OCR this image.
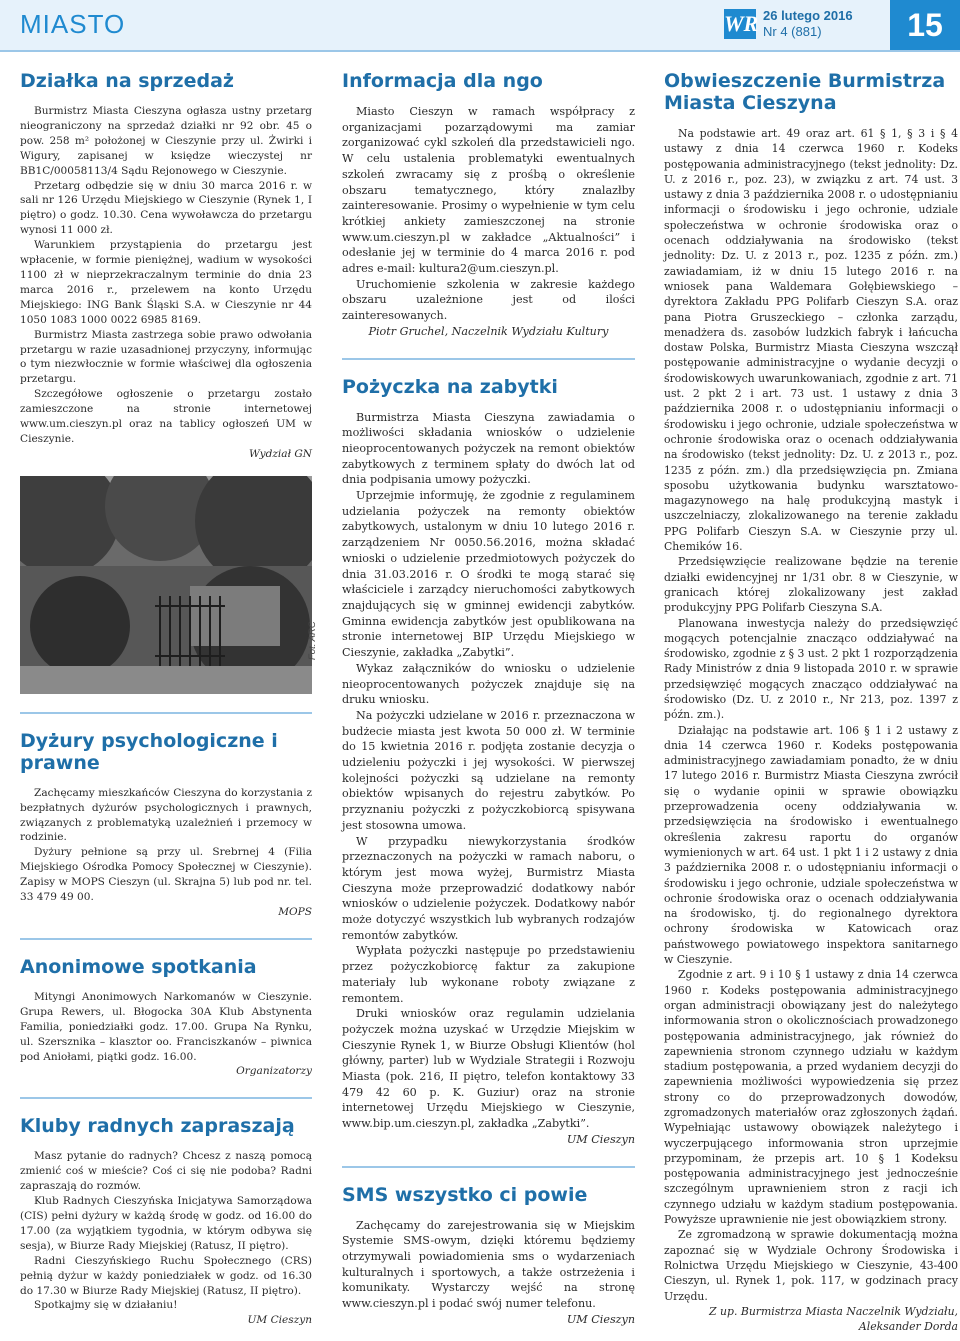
MIASTO	WR 26 lutego 2016
Nr 4 (881)	15
Działka na sprzedaż

Burmistrz Miasta Cieszyna ogłasza ustny przetarg nieograniczony na sprzedaż działki nr 92 obr. 45 o pow. 258 m² położonej w Cieszynie przy ul. Żwirki i Wigury, zapisanej w księdze wieczystej nr BB1C/00058113/4 Sądu Rejonowego w Cieszynie.

Przetarg odbędzie się w dniu 30 marca 2016 r. w sali nr 126 Urzędu Miejskiego w Cieszynie (Rynek 1, I piętro) o godz. 10.30. Cena wywoławcza do przetargu wynosi 11 000 zł.

Warunkiem przystąpienia do przetargu jest wpłacenie, w formie pieniężnej, wadium w wysokości 1100 zł w nieprzekraczalnym terminie do dnia 23 marca 2016 r., przelewem na konto Urzędu Miejskiego: ING Bank Śląski S.A. w Cieszynie nr 44 1050 1083 1000 0022 6985 8169.

Burmistrz Miasta zastrzega sobie prawo odwołania przetargu w razie uzasadnionej przyczyny, informując o tym niezwłocznie w formie właściwej dla ogłoszenia przetargu.

Szczegółowe ogłoszenie o przetargu zostało zamieszczone na stronie internetowej www.um.cieszyn.pl oraz na tablicy ogłoszeń UM w Cieszynie.

Wydział GN

Dyżury psychologiczne i prawne

Zachęcamy mieszkańców Cieszyna do korzystania z bezpłatnych dyżurów psychologicznych i prawnych, związanych z problematyką uzależnień i przemocy w rodzinie.

Dyżury pełnione są przy ul. Srebrnej 4 (Filia Miejskiego Ośrodka Pomocy Społecznej w Cieszynie). Zapisy w MOPS Cieszyn (ul. Skrajna 5) lub pod nr. tel. 33 479 49 00.

MOPS

Anonimowe spotkania

Mityngi Anonimowych Narkomanów w Cieszynie. Grupa Rewers, ul. Błogocka 30A Klub Abstynenta Familia, poniedziałki godz. 17.00. Grupa Na Rynku, ul. Szersznika – klasztor oo. Franciszkanów – piwnica pod Aniołami, piątki godz. 16.00.

Organizatorzy

Kluby radnych zapraszają

Masz pytanie do radnych? Chcesz z naszą pomocą zmienić coś w mieście? Coś ci się nie podoba? Radni zapraszają do rozmów.

Klub Radnych Cieszyńska Inicjatywa Samorządowa (CIS) pełni dyżury w każdą środę w godz. od 16.00 do 17.00 (za wyjątkiem tygodnia, w którym odbywa się sesja), w Biurze Rady Miejskiej (Ratusz, II piętro).

Radni Cieszyńskiego Ruchu Społecznego (CRS) pełnią dyżur w każdy poniedziałek w godz. od 16.30 do 17.30 w Biurze Rady Miejskiej (Ratusz, II piętro).

Spotkajmy się w działaniu!

UM Cieszyn

Fot. ARC
Informacja dla ngo

Miasto Cieszyn w ramach współpracy z organizacjami pozarządowymi ma zamiar zorganizować cykl szkoleń dla przedstawicieli ngo. W celu ustalenia problematyki ewentualnych szkoleń zwracamy się z prośbą o określenie obszaru tematycznego, który znalazłby zainteresowanie. Prosimy o wypełnienie w tym celu krótkiej ankiety zamieszczonej na stronie www.um.cieszyn.pl w zakładce „Aktualności” i odesłanie jej w terminie do 4 marca 2016 r. pod adres e-mail: kultura2@um.cieszyn.pl.

Uruchomienie szkolenia w zakresie każdego obszaru uzależnione jest od ilości zainteresowanych.

Piotr Gruchel, Naczelnik Wydziału Kultury

Pożyczka na zabytki

Burmistrza Miasta Cieszyna zawiadamia o możliwości składania wniosków o udzielenie nieoprocentowanych pożyczek na remont obiektów zabytkowych z terminem spłaty do dwóch lat od dnia podpisania umowy pożyczki.

Uprzejmie informuję, że zgodnie z regulaminem udzielania pożyczek na remonty obiektów zabytkowych, ustalonym w dniu 10 lutego 2016 r. zarządzeniem Nr 0050.56.2016, można składać wnioski o udzielenie przedmiotowych pożyczek do dnia 31.03.2016 r. O środki te mogą starać się właściciele i zarządcy nieruchomości zabytkowych znajdujących się w gminnej ewidencji zabytków. Gminna ewidencja zabytków jest opublikowana na stronie internetowej BIP Urzędu Miejskiego w Cieszynie, zakładka „Zabytki”.

Wykaz załączników do wniosku o udzielenie nieoprocentowanych pożyczek znajduje się na druku wniosku.

Na pożyczki udzielane w 2016 r. przeznaczona w budżecie miasta jest kwota 50 000 zł. W terminie do 15 kwietnia 2016 r. podjęta zostanie decyzja o udzieleniu pożyczki i jej wysokości. W pierwszej kolejności pożyczki są udzielane na remonty obiektów wpisanych do rejestru zabytków. Po przyznaniu pożyczki z pożyczkobiorcą spisywana jest stosowna umowa.

W przypadku niewykorzystania środków przeznaczonych na pożyczki w ramach naboru, o którym jest mowa wyżej, Burmistrz Miasta Cieszyna może przeprowadzić dodatkowy nabór wniosków o udzielenie pożyczek. Dodatkowy nabór może dotyczyć wszystkich lub wybranych rodzajów remontów zabytków.

Wypłata pożyczki następuje po przedstawieniu przez pożyczkobiorcę faktur za zakupione materiały lub wykonane roboty związane z remontem.

Druki wniosków oraz regulamin udzielania pożyczek można uzyskać w Urzędzie Miejskim w Cieszynie Rynek 1, w Biurze Obsługi Klientów (hol główny, parter) lub w Wydziale Strategii i Rozwoju Miasta (pok. 216, II piętro, telefon kontaktowy 33 479 42 60 p. K. Guziur) oraz na stronie internetowej Urzędu Miejskiego w Cieszynie, www.bip.um.cieszyn.pl, zakładka „Zabytki”.

UM Cieszyn

SMS wszystko ci powie

Zachęcamy do zarejestrowania się w Miejskim Systemie SMS-owym, dzięki któremu będziemy otrzymywali powiadomienia sms o wydarzeniach kulturalnych i sportowych, a także ostrzeżenia i komunikaty. Wystarczy wejść na stronę www.cieszyn.pl i podać swój numer telefonu.

UM Cieszyn

Obwieszczenie Burmistrza Miasta Cieszyna

Na podstawie art. 49 oraz art. 61 § 1, § 3 i § 4 ustawy z dnia 14 czerwca 1960 r. Kodeks postępowania administracyjnego (tekst jednolity: Dz. U. z 2016 r., poz. 23), w związku z art. 74 ust. 3 ustawy z dnia 3 października 2008 r. o udostępnianiu informacji o środowisku i jego ochronie, udziale społeczeństwa w ochronie środowiska oraz o ocenach oddziaływania na środowisko (tekst jednolity: Dz. U. z 2013 r., poz. 1235 z późn. zm.) zawiadamiam, iż w dniu 15 lutego 2016 r. na wniosek pana Waldemara Gołębiewskiego – dyrektora Zakładu PPG Polifarb Cieszyn S.A. oraz pana Piotra Gruszeckiego – członka zarządu, menadżera ds. zasobów ludzkich fabryk i łańcucha dostaw Polska, Burmistrz Miasta Cieszyna wszczął postępowanie administracyjne o wydanie decyzji o środowiskowych uwarunkowaniach, zgodnie z art. 71 ust. 2 pkt 2 i art. 73 ust. 1 ustawy z dnia 3 października 2008 r. o udostępnianiu informacji o środowisku i jego ochronie, udziale społeczeństwa w ochronie środowiska oraz o ocenach oddziaływania na środowisko (tekst jednolity: Dz. U. z 2013 r., poz. 1235 z późn. zm.) dla przedsięwzięcia pn. Zmiana sposobu użytkowania budynku warsztatowo-magazynowego na halę produkcyjną mastyk i uszczelniaczy, zlokalizowanego na terenie zakładu PPG Polifarb Cieszyn S.A. w Cieszynie przy ul. Chemików 16.

Przedsięwzięcie realizowane będzie na terenie działki ewidencyjnej nr 1/31 obr. 8 w Cieszynie, w granicach której zlokalizowany jest zakład produkcyjny PPG Polifarb Cieszyna S.A.

Planowana inwestycja należy do przedsięwzięć mogących potencjalnie znacząco oddziaływać na środowisko, zgodnie z § 3 ust. 2 pkt 1 rozporządzenia Rady Ministrów z dnia 9 listopada 2010 r. w sprawie przedsięwzięć mogących znacząco oddziaływać na środowisko (Dz. U. z 2010 r., Nr 213, poz. 1397 z późn. zm.).

Działając na podstawie art. 106 § 1 i 2 ustawy z dnia 14 czerwca 1960 r. Kodeks postępowania administracyjnego zawiadamiam ponadto, że w dniu 17 lutego 2016 r. Burmistrz Miasta Cieszyna zwrócił się o wydanie opinii w sprawie obowiązku przeprowadzenia oceny oddziaływania w. przedsięwzięcia na środowisko i ewentualnego określenia zakresu raportu do organów wymienionych w art. 64 ust. 1 pkt 1 i 2 ustawy z dnia 3 października 2008 r. o udostępnianiu informacji o środowisku i jego ochronie, udziale społeczeństwa w ochronie środowiska oraz o ocenach oddziaływania na środowisko, tj. do regionalnego dyrektora ochrony środowiska w Katowicach oraz państwowego powiatowego inspektora sanitarnego w Cieszynie.

Zgodnie z art. 9 i 10 § 1 ustawy z dnia 14 czerwca 1960 r. Kodeks postępowania administracyjnego organ administracji obowiązany jest do należytego informowania stron o okolicznościach prowadzonego postępowania administracyjnego, jak również do zapewnienia stronom czynnego udziału w każdym stadium postępowania, a przed wydaniem decyzji do zapewnienia możliwości wypowiedzenia się przez strony co do przeprowadzonych dowodów, zgromadzonych materiałów oraz zgłoszonych żądań. Wypełniając ustawowy obowiązek należytego i wyczerpującego informowania stron uprzejmie przypominam, że przepis art. 10 § 1 Kodeksu postępowania administracyjnego jest jednocześnie szczególnym uprawnieniem stron z racji ich czynnego udziału w każdym stadium postępowania. Powyższe uprawnienie nie jest obowiązkiem strony.

Ze zgromadzoną w sprawie dokumentacją można zapoznać się w Wydziale Ochrony Środowiska i Rolnictwa Urzędu Miejskiego w Cieszynie, 43-400 Cieszyn, ul. Rynek 1, pok. 117, w godzinach pracy Urzędu.

Z up. Burmistrza Miasta Naczelnik Wydziału,

Aleksander Dorda
